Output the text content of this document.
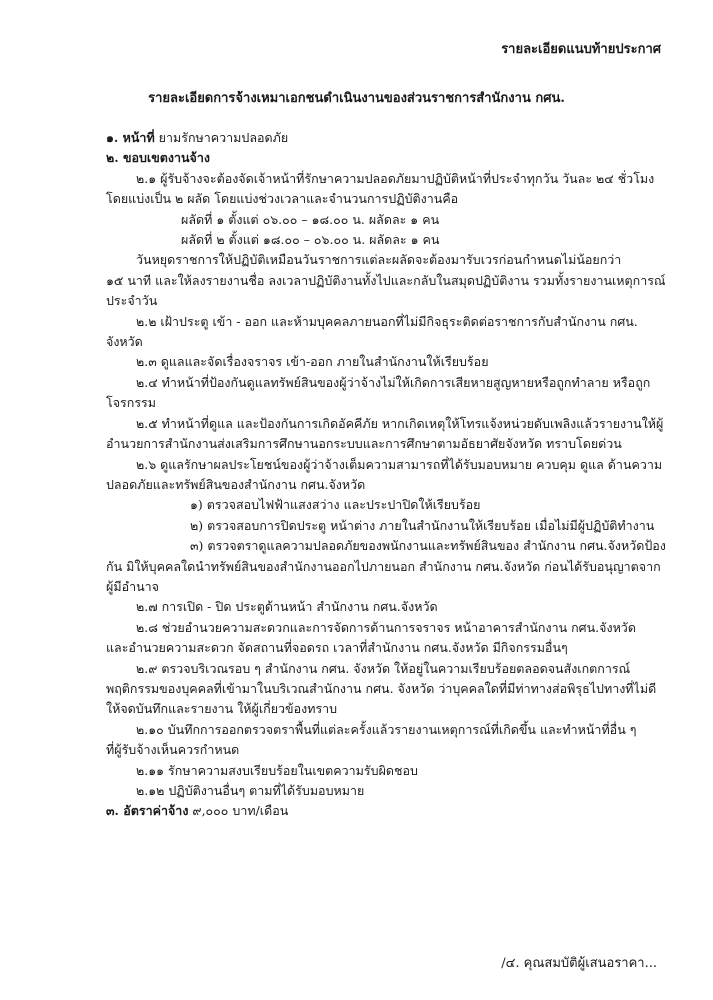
รายละเอียดแนบท้ายประกาศ
รายละเอียดการจ้างเหมาเอกชนดำเนินงานของส่วนราชการสำนักงาน กศน.
๑. หน้าที่ ยามรักษาความปลอดภัย
๒. ขอบเขตงานจ้าง
๒.๑ ผู้รับจ้างจะต้องจัดเจ้าหน้าที่รักษาความปลอดภัยมาปฏิบัติหน้าที่ประจำทุกวัน วันละ ๒๔ ชั่วโมง
โดยแบ่งเป็น ๒ ผลัด โดยแบ่งช่วงเวลาและจำนวนการปฏิบัติงานคือ
ผลัดที่ ๑ ตั้งแต่ ๐๖.๐๐ – ๑๘.๐๐ น. ผลัดละ ๑ คน
ผลัดที่ ๒ ตั้งแต่ ๑๘.๐๐ – ๐๖.๐๐ น. ผลัดละ ๑ คน
วันหยุดราชการให้ปฏิบัติเหมือนวันราชการแต่ละผลัดจะต้องมารับเวรก่อนกำหนดไม่น้อยกว่า
๑๕ นาที และให้ลงรายงานชื่อ ลงเวลาปฏิบัติงานทั้งไปและกลับในสมุดปฏิบัติงาน รวมทั้งรายงานเหตุการณ์
ประจำวัน
๒.๒ เฝ้าประตู เข้า - ออก และห้ามบุคคลภายนอกที่ไม่มีกิจธุระติดต่อราชการกับสำนักงาน กศน.
จังหวัด
๒.๓ ดูแลและจัดเรื่องจราจร เข้า-ออก ภายในสำนักงานให้เรียบร้อย
๒.๔ ทำหน้าที่ป้องกันดูแลทรัพย์สินของผู้ว่าจ้างไม่ให้เกิดการเสียหายสูญหายหรือถูกทำลาย หรือถูก
โจรกรรม
๒.๕ ทำหน้าที่ดูแล และป้องกันการเกิดอัคคีภัย หากเกิดเหตุให้โทรแจ้งหน่วยดับเพลิงแล้วรายงานให้ผู้
อำนวยการสำนักงานส่งเสริมการศึกษานอกระบบและการศึกษาตามอัธยาศัยจังหวัด ทราบโดยด่วน
๒.๖ ดูแลรักษาผลประโยชน์ของผู้ว่าจ้างเต็มความสามารถที่ได้รับมอบหมาย ควบคุม ดูแล ด้านความ
ปลอดภัยและทรัพย์สินของสำนักงาน กศน.จังหวัด
๑) ตรวจสอบไฟฟ้าแสงสว่าง และประปาปิดให้เรียบร้อย
๒) ตรวจสอบการปิดประตู หน้าต่าง ภายในสำนักงานให้เรียบร้อย เมื่อไม่มีผู้ปฏิบัติทำงาน
๓) ตรวจตราดูแลความปลอดภัยของพนักงานและทรัพย์สินของ สำนักงาน กศน.จังหวัดป้อง
กัน มิให้บุคคลใดนำทรัพย์สินของสำนักงานออกไปภายนอก สำนักงาน กศน.จังหวัด ก่อนได้รับอนุญาตจาก
ผู้มีอำนาจ
๒.๗ การเปิด - ปิด ประตูด้านหน้า สำนักงาน กศน.จังหวัด
๒.๘ ช่วยอำนวยความสะดวกและการจัดการด้านการจราจร หน้าอาคารสำนักงาน กศน.จังหวัด
และอำนวยความสะดวก จัดสถานที่จอดรถ เวลาที่สำนักงาน กศน.จังหวัด มีกิจกรรมอื่นๆ
๒.๙ ตรวจบริเวณรอบ ๆ สำนักงาน กศน. จังหวัด ให้อยู่ในความเรียบร้อยตลอดจนสังเกตการณ์
พฤติกรรมของบุคคลที่เข้ามาในบริเวณสำนักงาน กศน. จังหวัด ว่าบุคคลใดที่มีท่าทางส่อพิรุธไปทางที่ไม่ดี
ให้จดบันทึกและรายงาน ให้ผู้เกี่ยวข้องทราบ
๒.๑๐ บันทึกการออกตรวจตราพื้นที่แต่ละครั้งแล้วรายงานเหตุการณ์ที่เกิดขึ้น และทำหน้าที่อื่น ๆ
ที่ผู้รับจ้างเห็นควรกำหนด
๒.๑๑ รักษาความสงบเรียบร้อยในเขตความรับผิดชอบ
๒.๑๒ ปฏิบัติงานอื่นๆ ตามที่ได้รับมอบหมาย
๓. อัตราค่าจ้าง ๙,๐๐๐ บาท/เดือน
/๔. คุณสมบัติผู้เสนอราคา...
